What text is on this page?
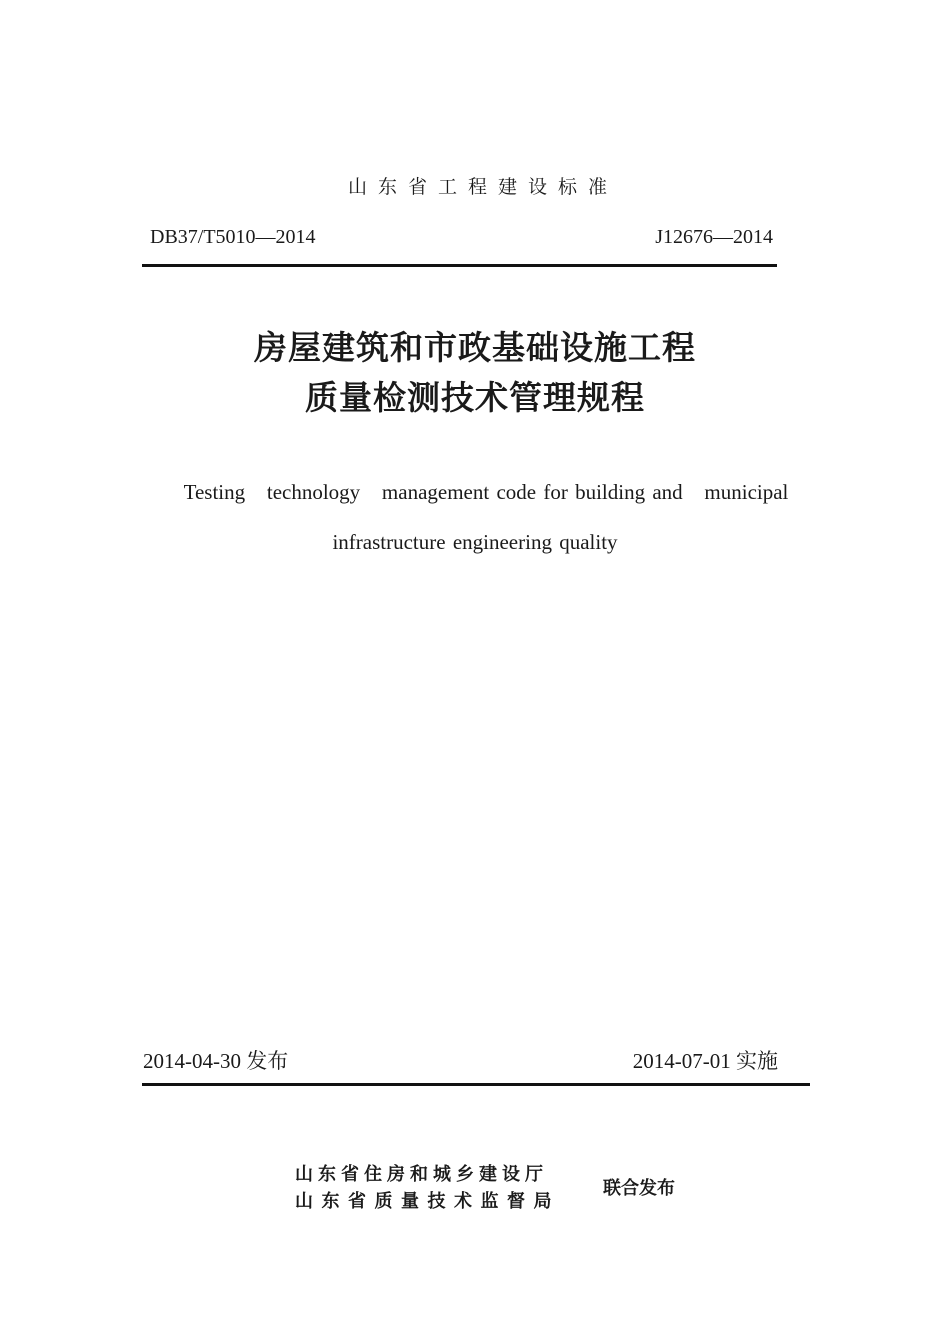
山东省工程建设标准
DB37/T5010—2014	J12676—2014
房屋建筑和市政基础设施工程
质量检测技术管理规程
Testing   technology   management code for building and   municipal
infrastructure engineering quality
2014-04-30 发布	2014-07-01 实施
山东省住房和城乡建设厅
山东省质量技术监督局
联合发布
